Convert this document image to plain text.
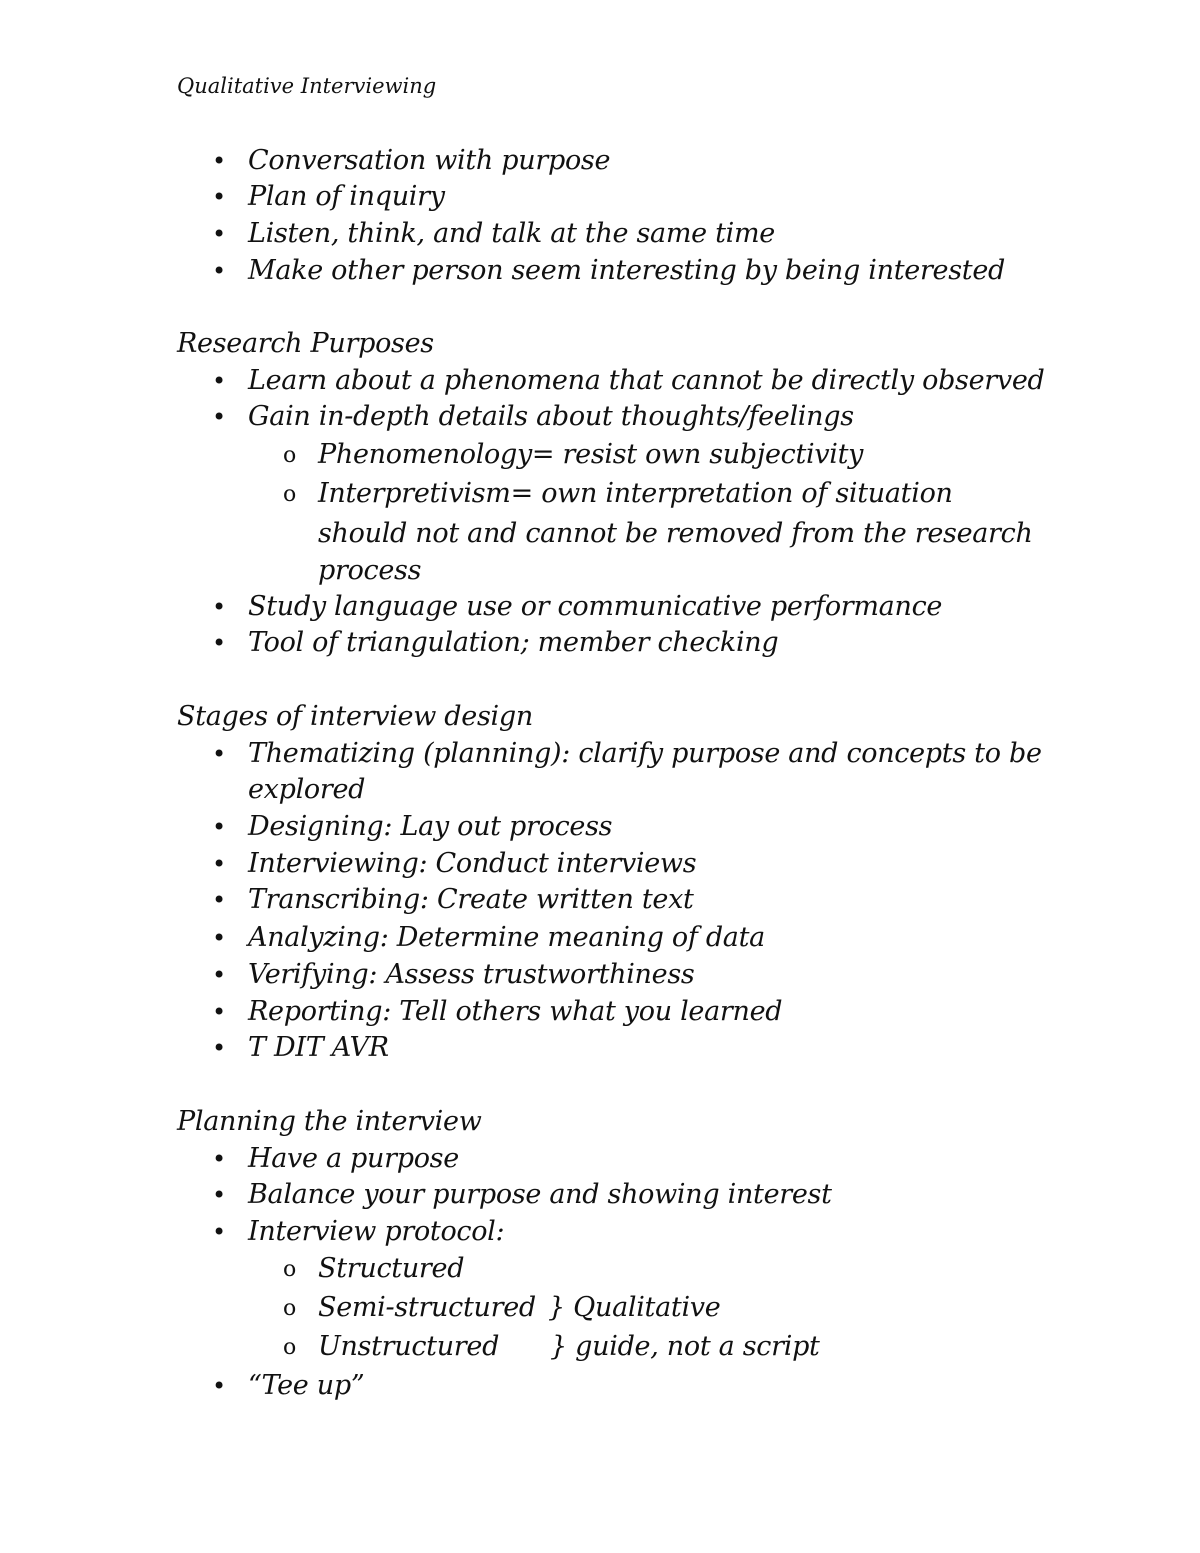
Qualitative Interviewing
• Conversation with purpose
• Plan of inquiry
• Listen, think, and talk at the same time
• Make other person seem interesting by being interested
Research Purposes
• Learn about a phenomena that cannot be directly observed
• Gain in-depth details about thoughts/feelings
o Phenomenology= resist own subjectivity
o Interpretivism= own interpretation of situation
should not and cannot be removed from the research
process
• Study language use or communicative performance
• Tool of triangulation; member checking
Stages of interview design
• Thematizing (planning): clarify purpose and concepts to be
explored
• Designing: Lay out process
• Interviewing: Conduct interviews
• Transcribing: Create written text
• Analyzing: Determine meaning of data
• Verifying: Assess trustworthiness
• Reporting: Tell others what you learned
• T DIT AVR
Planning the interview
• Have a purpose
• Balance your purpose and showing interest
• Interview protocol:
o Structured
o Semi-structured } Qualitative
o Unstructured } guide, not a script
• “Tee up”
